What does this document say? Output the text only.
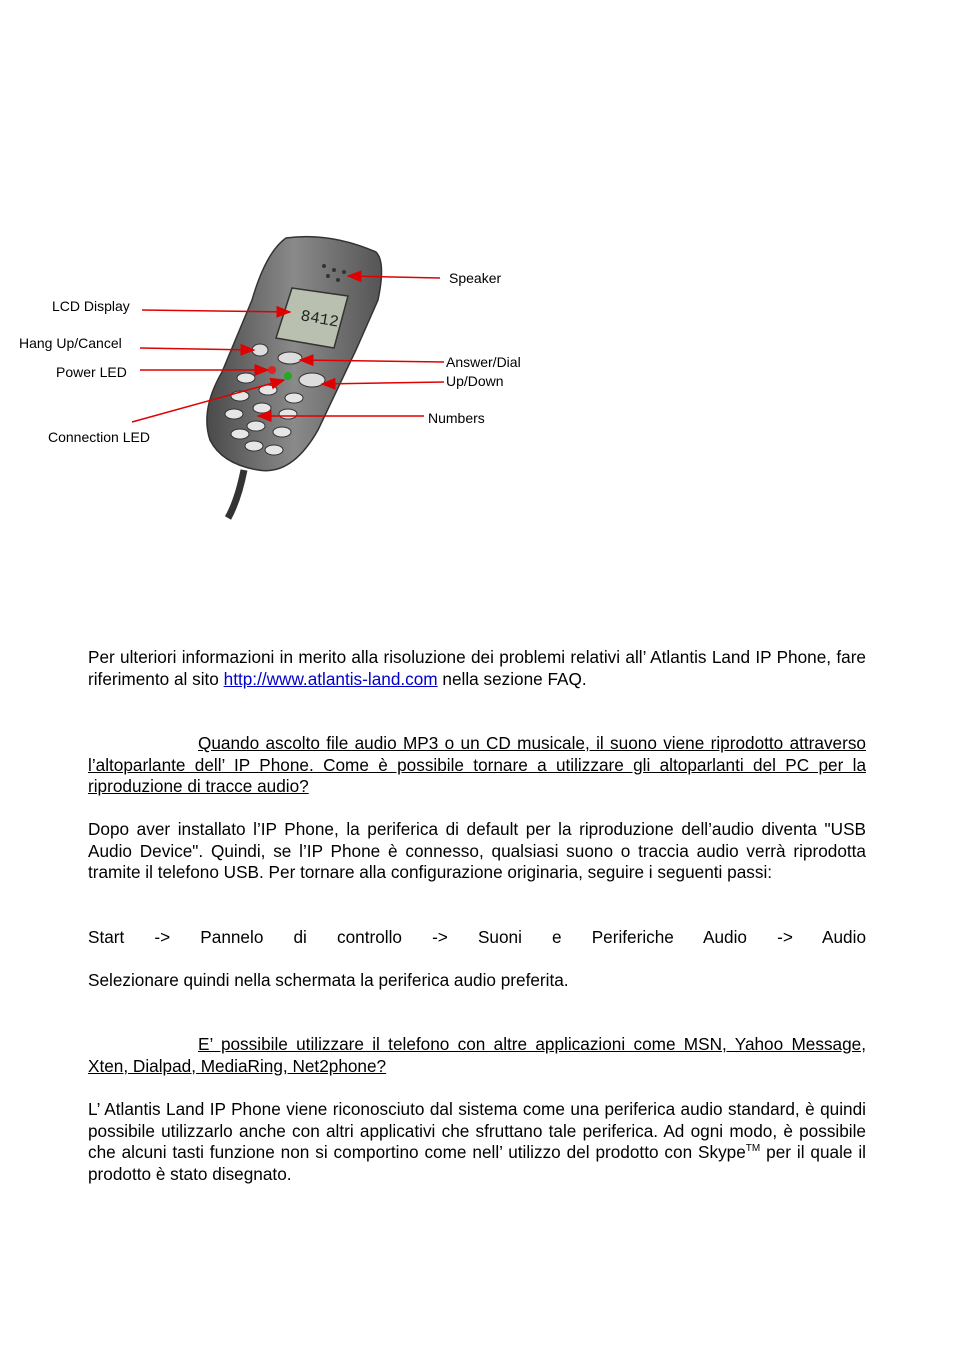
8412
Speaker
LCD Display
Hang Up/Cancel
Power LED
Answer/Dial
Up/Down
Numbers
Connection LED

Per ulteriori informazioni in merito alla risoluzione dei problemi relativi all’ Atlantis Land IP Phone, fare riferimento al sito http://www.atlantis-land.com nella sezione FAQ.

Quando ascolto file audio MP3 o un CD musicale, il suono viene riprodotto attraverso l’altoparlante dell’ IP Phone. Come è possibile tornare a utilizzare gli altoparlanti del PC per la riproduzione di tracce audio?

Dopo aver installato l’IP Phone, la periferica di default per la riproduzione dell’audio diventa "USB Audio Device". Quindi, se l’IP Phone è connesso, qualsiasi suono o traccia audio verrà riprodotta tramite il telefono USB. Per tornare alla configurazione originaria, seguire i seguenti passi:

Start -> Pannelo di controllo -> Suoni e Periferiche Audio -> Audio

Selezionare quindi nella schermata la periferica audio preferita.

E’ possibile utilizzare il telefono con altre applicazioni come MSN, Yahoo Message, Xten, Dialpad, MediaRing, Net2phone?

L’ Atlantis Land IP Phone viene riconosciuto dal sistema come una periferica audio standard, è quindi possibile utilizzarlo anche con altri applicativi che sfruttano tale periferica. Ad ogni modo, è possibile che alcuni tasti funzione non si comportino come nell’ utilizzo del prodotto con Skype™ per il quale il prodotto è stato disegnato.
